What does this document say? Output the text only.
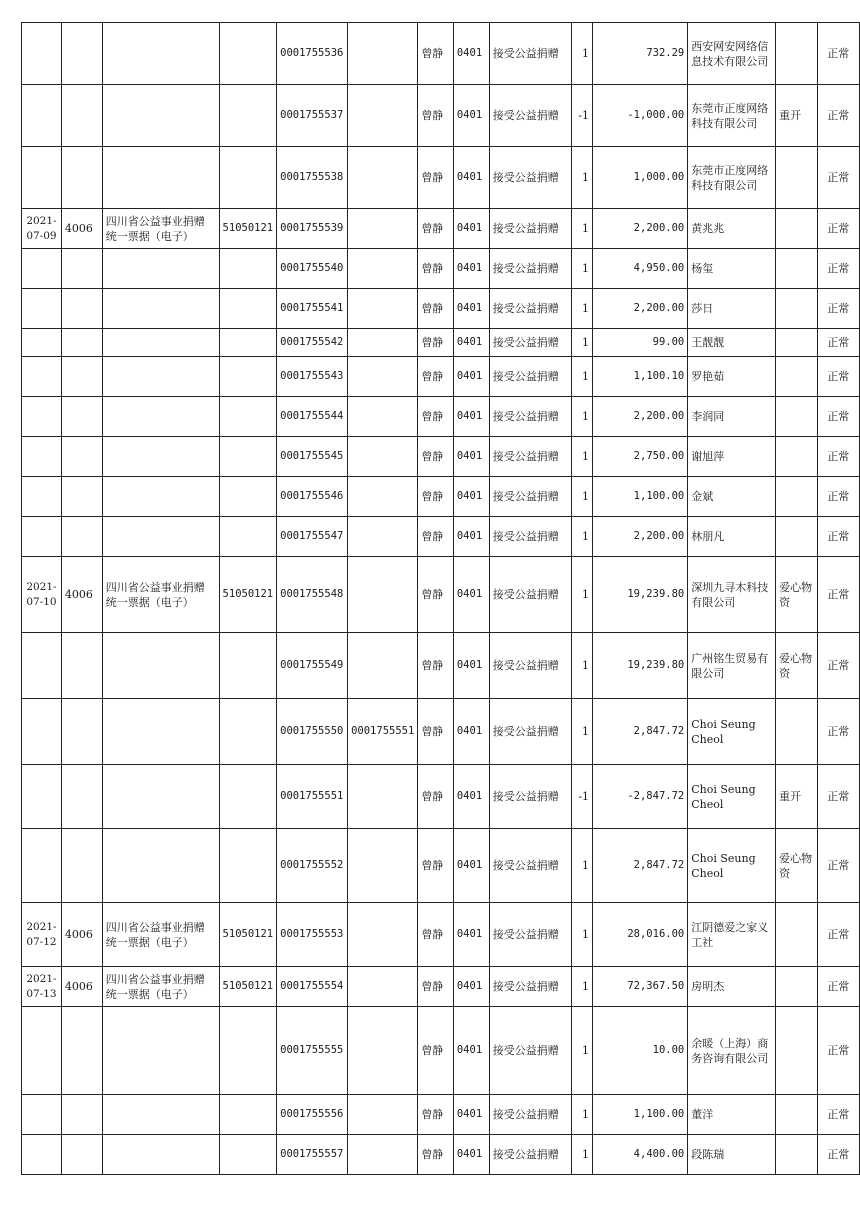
				0001755536		曾静	0401	接受公益捐赠	1	732.29	西安网安网络信息技术有限公司		正常
				0001755537		曾静	0401	接受公益捐赠	-1	-1,000.00	东莞市正度网络科技有限公司	重开	正常
				0001755538		曾静	0401	接受公益捐赠	1	1,000.00	东莞市正度网络科技有限公司		正常
2021-07-09	4006	四川省公益事业捐赠统一票据（电子）	51050121	0001755539		曾静	0401	接受公益捐赠	1	2,200.00	黄兆兆		正常
				0001755540		曾静	0401	接受公益捐赠	1	4,950.00	杨玺		正常
				0001755541		曾静	0401	接受公益捐赠	1	2,200.00	莎日		正常
				0001755542		曾静	0401	接受公益捐赠	1	99.00	王靓靓		正常
				0001755543		曾静	0401	接受公益捐赠	1	1,100.10	罗艳茹		正常
				0001755544		曾静	0401	接受公益捐赠	1	2,200.00	李润同		正常
				0001755545		曾静	0401	接受公益捐赠	1	2,750.00	谢旭萍		正常
				0001755546		曾静	0401	接受公益捐赠	1	1,100.00	金斌		正常
				0001755547		曾静	0401	接受公益捐赠	1	2,200.00	林朋凡		正常
2021-07-10	4006	四川省公益事业捐赠统一票据（电子）	51050121	0001755548		曾静	0401	接受公益捐赠	1	19,239.80	深圳九寻木科技有限公司	爱心物资	正常
				0001755549		曾静	0401	接受公益捐赠	1	19,239.80	广州铭生贸易有限公司	爱心物资	正常
				0001755550	0001755551	曾静	0401	接受公益捐赠	1	2,847.72	Choi Seung Cheol		正常
				0001755551		曾静	0401	接受公益捐赠	-1	-2,847.72	Choi Seung Cheol	重开	正常
				0001755552		曾静	0401	接受公益捐赠	1	2,847.72	Choi Seung Cheol	爱心物资	正常
2021-07-12	4006	四川省公益事业捐赠统一票据（电子）	51050121	0001755553		曾静	0401	接受公益捐赠	1	28,016.00	江阴德爱之家义工社		正常
2021-07-13	4006	四川省公益事业捐赠统一票据（电子）	51050121	0001755554		曾静	0401	接受公益捐赠	1	72,367.50	房明杰		正常
				0001755555		曾静	0401	接受公益捐赠	1	10.00	余暖（上海）商务咨询有限公司		正常
				0001755556		曾静	0401	接受公益捐赠	1	1,100.00	董洋		正常
				0001755557		曾静	0401	接受公益捐赠	1	4,400.00	段陈瑞		正常
